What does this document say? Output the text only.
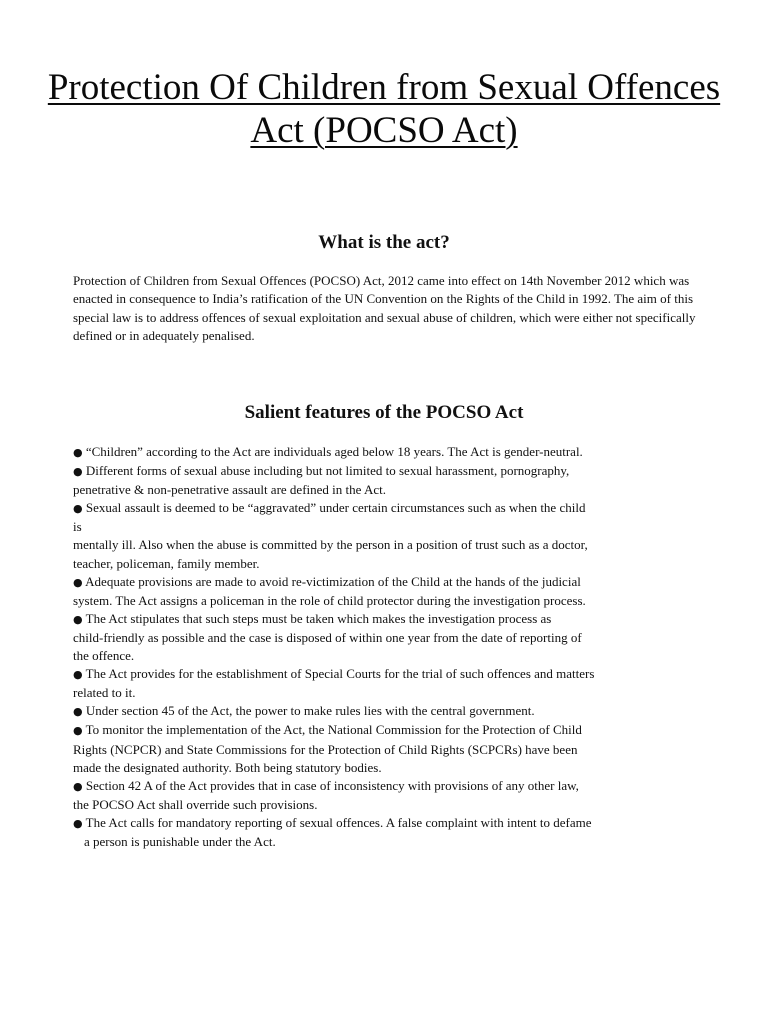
Protection Of Children from Sexual Offences Act (POCSO Act)
What is the act?

Protection of Children from Sexual Offences (POCSO) Act, 2012 came into effect on 14th November 2012 which was enacted in consequence to India’s ratification of the UN Convention on the Rights of the Child in 1992. The aim of this special law is to address offences of sexual exploitation and sexual abuse of children, which were either not specifically defined or in adequately penalised.

Salient features of the POCSO Act
● “Children” according to the Act are individuals aged below 18 years. The Act is gender-neutral.
● Different forms of sexual abuse including but not limited to sexual harassment, pornography,
penetrative & non-penetrative assault are defined in the Act.
● Sexual assault is deemed to be “aggravated” under certain circumstances such as when the child
is
mentally ill. Also when the abuse is committed by the person in a position of trust such as a doctor,
teacher, policeman, family member.
● Adequate provisions are made to avoid re-victimization of the Child at the hands of the judicial
system. The Act assigns a policeman in the role of child protector during the investigation process.
● The Act stipulates that such steps must be taken which makes the investigation process as
child-friendly as possible and the case is disposed of within one year from the date of reporting of
the offence.
● The Act provides for the establishment of Special Courts for the trial of such offences and matters
related to it.
● Under section 45 of the Act, the power to make rules lies with the central government.
● To monitor the implementation of the Act, the National Commission for the Protection of Child
Rights (NCPCR) and State Commissions for the Protection of Child Rights (SCPCRs) have been
made the designated authority. Both being statutory bodies.
● Section 42 A of the Act provides that in case of inconsistency with provisions of any other law,
the POCSO Act shall override such provisions.
● The Act calls for mandatory reporting of sexual offences. A false complaint with intent to defame
a person is punishable under the Act.
